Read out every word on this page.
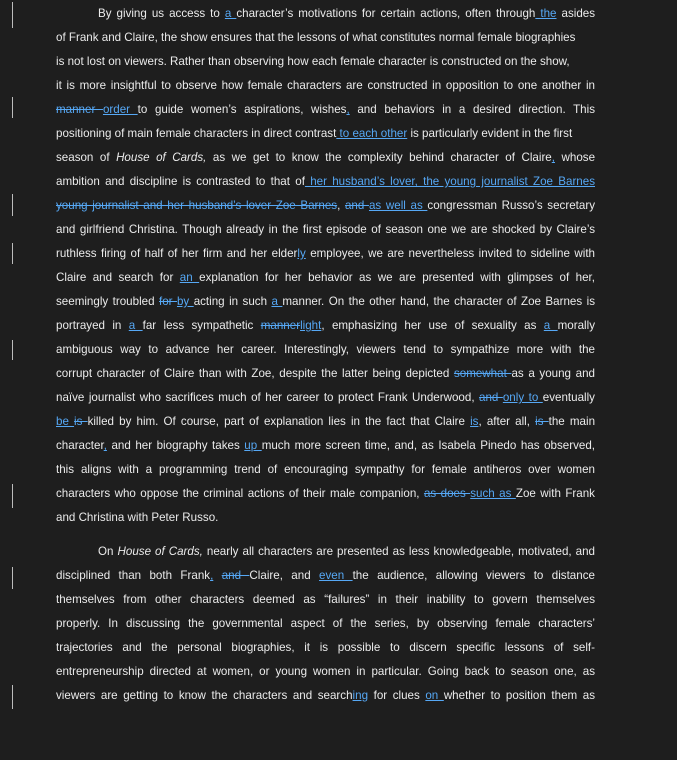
By giving us access to a character’s motivations for certain actions, often through the asides
of Frank and Claire, the show ensures that the lessons of what constitutes normal female biographies
is not lost on viewers. Rather than observing how each female character is constructed on the show,
it is more insightful to observe how female characters are constructed in opposition to one another in
manner order to guide women’s aspirations, wishes, and behaviors in a desired direction. This
positioning of main female characters in direct contrast to each other is particularly evident in the first
season of House of Cards, as we get to know the complexity behind character of Claire, whose
ambition and discipline is contrasted to that of her husband’s lover, the young journalist Zoe Barnes
young journalist and her husband’s lover Zoe Barnes, and as well as congressman Russo’s secretary
and girlfriend Christina. Though already in the first episode of season one we are shocked by Claire’s
ruthless firing of half of her firm and her elderly employee, we are nevertheless invited to sideline with
Claire and search for an explanation for her behavior as we are presented with glimpses of her,
seemingly troubled for by acting in such a manner. On the other hand, the character of Zoe Barnes is
portrayed in a far less sympathetic mannerlight, emphasizing her use of sexuality as a morally
ambiguous way to advance her career. Interestingly, viewers tend to sympathize more with the
corrupt character of Claire than with Zoe, despite the latter being depicted somewhat as a young and
naïve journalist who sacrifices much of her career to protect Frank Underwood, and only to eventually
be is killed by him. Of course, part of explanation lies in the fact that Claire is, after all, is the main
character, and her biography takes up much more screen time, and, as Isabela Pinedo has observed,
this aligns with a programming trend of encouraging sympathy for female antiheros over women
characters who oppose the criminal actions of their male companion, as does such as Zoe with Frank
and Christina with Peter Russo.
On House of Cards, nearly all characters are presented as less knowledgeable, motivated, and
disciplined than both Frank, and Claire, and even the audience, allowing viewers to distance
themselves from other characters deemed as “failures” in their inability to govern themselves
properly. In discussing the governmental aspect of the series, by observing female characters’
trajectories and the personal biographies, it is possible to discern specific lessons of self-
entrepreneurship directed at women, or young women in particular. Going back to season one, as
viewers are getting to know the characters and searching for clues on whether to position them as
